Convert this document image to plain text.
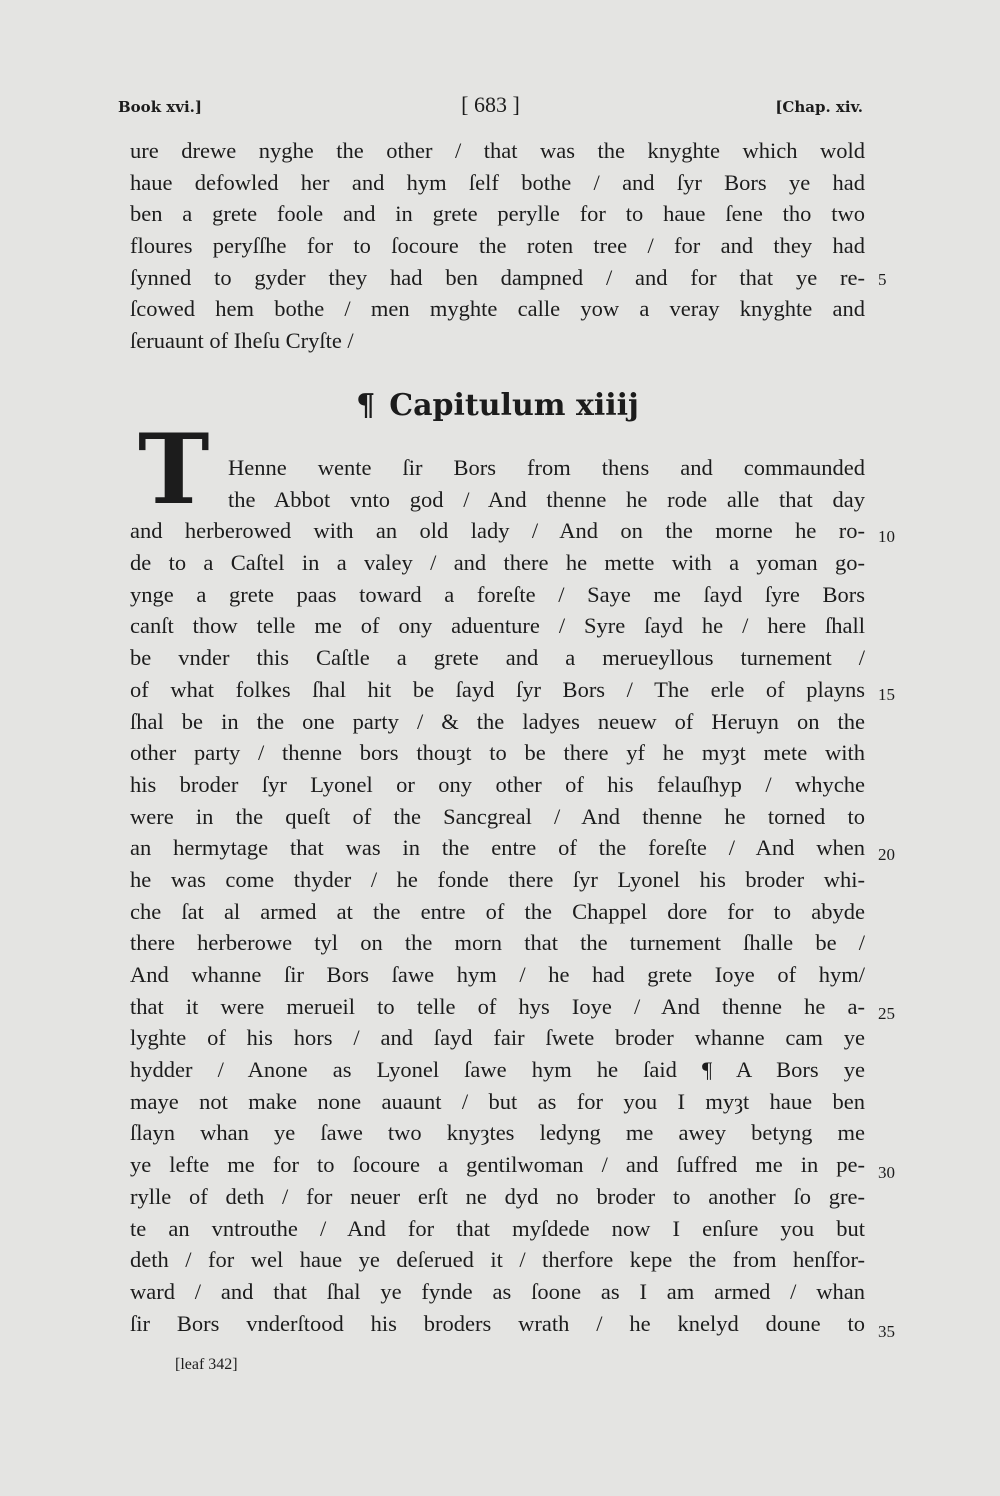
Book xvi.]	[ 683 ]	[Chap. xiv.
ure drewe nyghe the other / that was the knyghte which wold
haue defowled her and hym ſelf bothe / and ſyr Bors ye had
ben a grete foole and in grete perylle for to haue ſene tho two
floures peryſſhe for to ſocoure the roten tree / for and they had
ſynned to gyder they had ben dampned / and for that ye re-
ſcowed hem bothe / men myghte calle yow a veray knyghte and
ſeruaunt of Iheſu Cryſte /
¶ Capitulum xiiij
T Henne wente ſir Bors from thens and commaunded
the Abbot vnto god / And thenne he rode alle that day
and herberowed with an old lady / And on the morne he ro-
de to a Caſtel in a valey / and there he mette with a yoman go-
ynge a grete paas toward a foreſte / Saye me ſayd ſyre Bors
canſt thow telle me of ony aduenture / Syre ſayd he / here ſhall
be vnder this Caſtle a grete and a merueyllous turnement /
of what folkes ſhal hit be ſayd ſyr Bors / The erle of playns
ſhal be in the one party / & the ladyes neuew of Heruyn on the
other party / thenne bors thouȝt to be there yf he myȝt mete with
his broder ſyr Lyonel or ony other of his felauſhyp / whyche
were in the queſt of the Sancgreal / And thenne he torned to
an hermytage that was in the entre of the foreſte / And when
he was come thyder / he fonde there ſyr Lyonel his broder whi-
che ſat al armed at the entre of the Chappel dore for to abyde
there herberowe tyl on the morn that the turnement ſhalle be /
And whanne ſir Bors ſawe hym / he had grete Ioye of hym/
that it were merueil to telle of hys Ioye / And thenne he a-
lyghte of his hors / and ſayd fair ſwete broder whanne cam ye
hydder / Anone as Lyonel ſawe hym he ſaid ¶ A Bors ye
maye not make none auaunt / but as for you I myȝt haue ben
ſlayn whan ye ſawe two knyȝtes ledyng me awey betyng me
ye lefte me for to ſocoure a gentilwoman / and ſuffred me in pe-
rylle of deth / for neuer erſt ne dyd no broder to another ſo gre-
te an vntrouthe / And for that myſdede now I enſure you but
deth / for wel haue ye deſerued it / therfore kepe the from henſfor-
ward / and that ſhal ye fynde as ſoone as I am armed / whan
ſir Bors vnderſtood his broders wrath / he knelyd doune to
5
10
15
20
25
30
35
[leaf 342]
